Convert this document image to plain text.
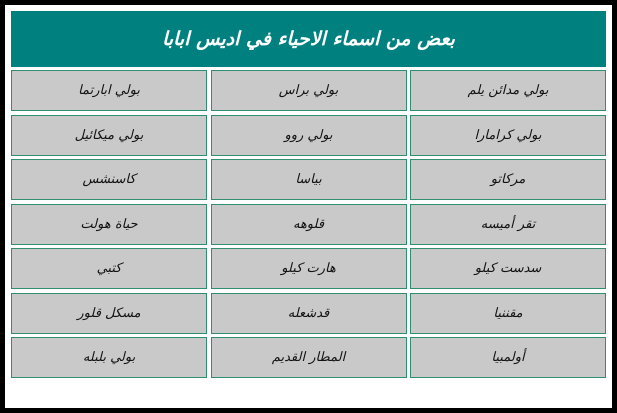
بعض من اسماء الاحياء في اديس ابابا
بولي مدائن يلم
بولي براس
بولي ابارتما
بولي كرامارا
بولي روو
بولي ميكائيل
مركاتو
بياسا
كاسنشس
تقر أميسه
قلوهه
حياة هولت
سدست كيلو
هارت كيلو
كتبي
مقننيا
قدشعله
مسكل قلور
أولمبيا
المطار القديم
بولي بلبله
